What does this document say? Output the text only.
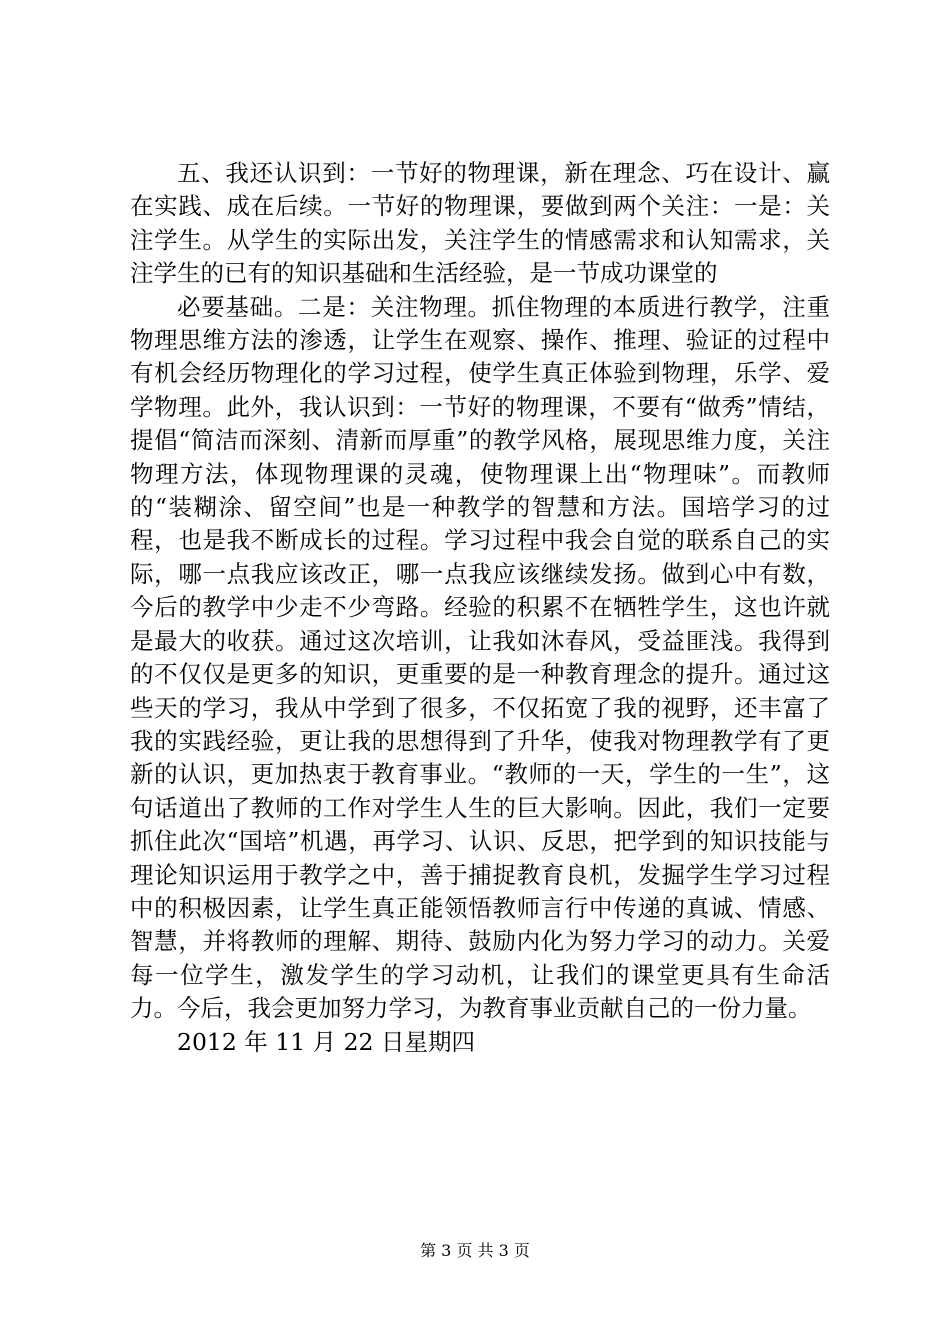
五、我还认识到：一节好的物理课，新在理念、巧在设计、赢在实践、成在后续。一节好的物理课，要做到两个关注：一是：关注学生。从学生的实际出发，关注学生的情感需求和认知需求，关注学生的已有的知识基础和生活经验，是一节成功课堂的

必要基础。二是：关注物理。抓住物理的本质进行教学，注重物理思维方法的渗透，让学生在观察、操作、推理、验证的过程中有机会经历物理化的学习过程，使学生真正体验到物理，乐学、爱学物理。此外，我认识到：一节好的物理课，不要有“做秀”情结，提倡“简洁而深刻、清新而厚重”的教学风格，展现思维力度，关注物理方法，体现物理课的灵魂，使物理课上出“物理味”。而教师的“装糊涂、留空间”也是一种教学的智慧和方法。国培学习的过程，也是我不断成长的过程。学习过程中我会自觉的联系自己的实际，哪一点我应该改正，哪一点我应该继续发扬。做到心中有数，今后的教学中少走不少弯路。经验的积累不在牺牲学生，这也许就是最大的收获。通过这次培训，让我如沐春风，受益匪浅。我得到的不仅仅是更多的知识，更重要的是一种教育理念的提升。通过这些天的学习，我从中学到了很多，不仅拓宽了我的视野，还丰富了我的实践经验，更让我的思想得到了升华，使我对物理教学有了更新的认识，更加热衷于教育事业。“教师的一天，学生的一生”，这句话道出了教师的工作对学生人生的巨大影响。因此，我们一定要抓住此次“国培”机遇，再学习、认识、反思，把学到的知识技能与理论知识运用于教学之中，善于捕捉教育良机，发掘学生学习过程中的积极因素，让学生真正能领悟教师言行中传递的真诚、情感、智慧，并将教师的理解、期待、鼓励内化为努力学习的动力。关爱每一位学生，激发学生的学习动机，让我们的课堂更具有生命活力。今后，我会更加努力学习，为教育事业贡献自己的一份力量。

2012 年 11 月 22 日星期四

第 3 页 共 3 页
